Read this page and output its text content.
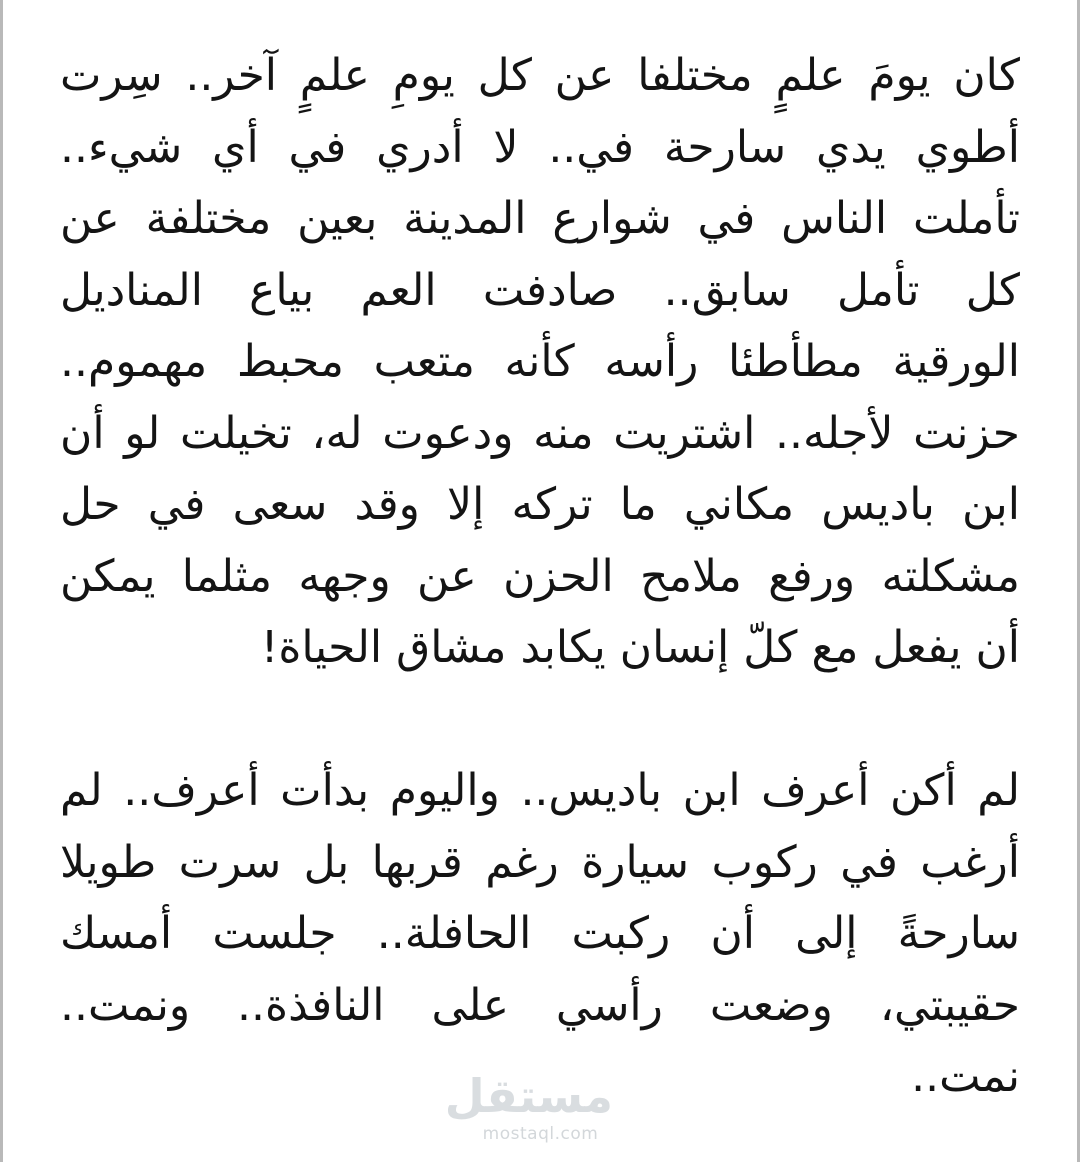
كان يومَ علمٍ مختلفا عن كل يومِ علمٍ آخر.. سِرت
أطوي يدي سارحة في.. لا أدري في أي شيء..
تأملت الناس في شوارع المدينة بعين مختلفة عن
كل تأمل سابق.. صادفت العم بياع المناديل
الورقية مطأطئا رأسه كأنه متعب محبط مهموم..
حزنت لأجله.. اشتريت منه ودعوت له، تخيلت لو أن
ابن باديس مكاني ما تركه إلا وقد سعى في حل
مشكلته ورفع ملامح الحزن عن وجهه مثلما يمكن
أن يفعل مع كلّ إنسان يكابد مشاق الحياة!

لم أكن أعرف ابن باديس.. واليوم بدأت أعرف.. لم
أرغب في ركوب سيارة رغم قربها بل سرت طويلا
سارحةً إلى أن ركبت الحافلة.. جلست أمسك
حقيبتي، وضعت رأسي على النافذة.. ونمت..
نمت..

مستقل
mostaql.com
